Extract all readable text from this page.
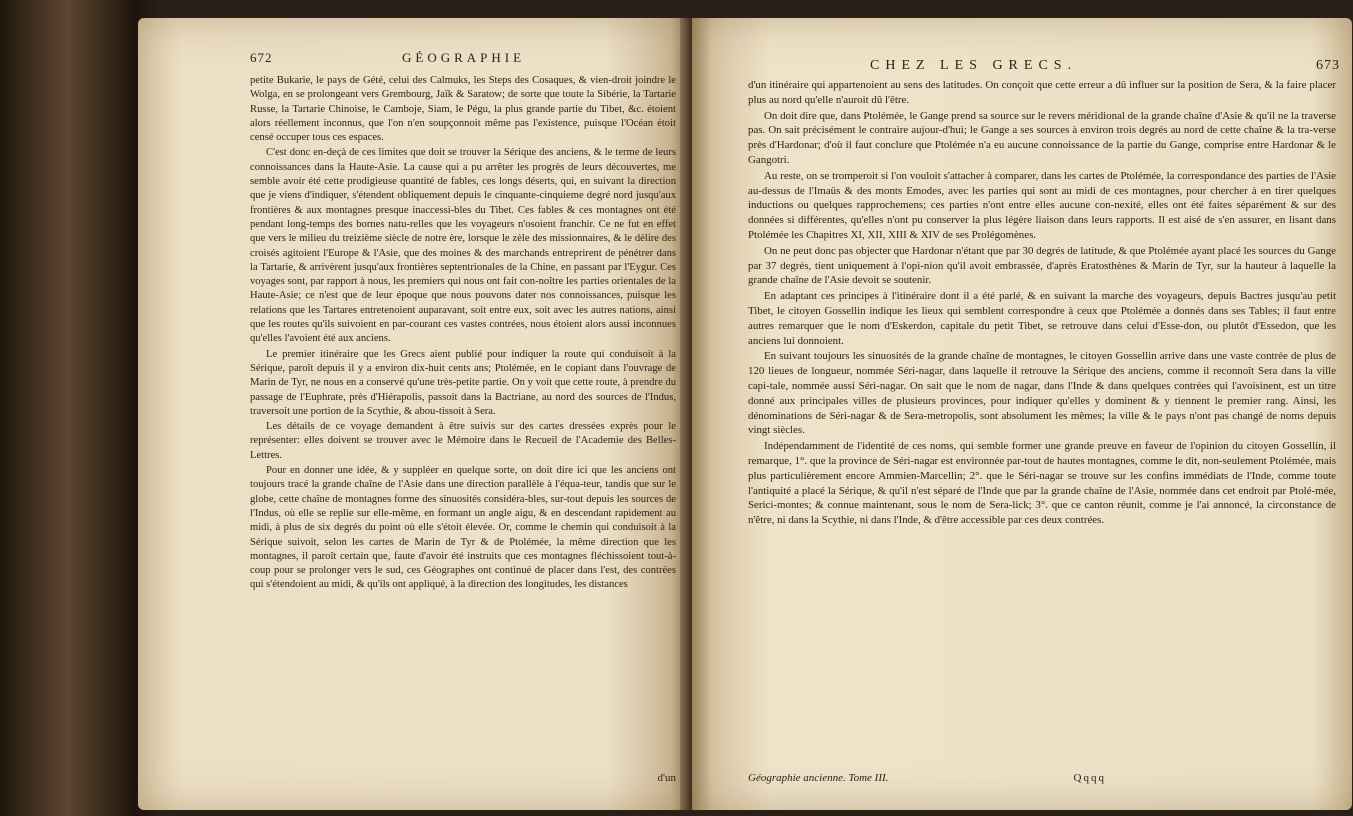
672	GÉOGRAPHIE

petite Bukarie, le pays de Gété, celui des Calmuks, les Steps des Cosaques, & vien-droit joindre le Wolga, en se prolongeant vers Grembourg, Jaïk & Saratow; de sorte que toute la Sibérie, la Tartarie Russe, la Tartarie Chinoise, le Camboje, Siam, le Pégu, la plus grande partie du Tibet, &c. étoient alors réellement inconnus, que l'on n'en soupçonnoit même pas l'existence, puisque l'Océan étoit censé occuper tous ces espaces.

C'est donc en-deçà de ces limites que doit se trouver la Sérique des anciens, & le terme de leurs connoissances dans la Haute-Asie. La cause qui a pu arrêter les progrès de leurs découvertes, me semble avoir été cette prodigieuse quantité de fables, ces longs déserts, qui, en suivant la direction que je viens d'indiquer, s'étendent obliquement depuis le cinquante-cinquieme degré nord jusqu'aux frontières & aux montagnes presque inaccessi-bles du Tibet. Ces fables & ces montagnes ont été pendant long-temps des bornes natu-relles que les voyageurs n'osoient franchir. Ce ne fut en effet que vers le milieu du treizième siècle de notre ère, lorsque le zèle des missionnaires, & le délire des croisés agitoient l'Europe & l'Asie, que des moines & des marchands entreprirent de pénétrer dans la Tartarie, & arrivèrent jusqu'aux frontières septentrionales de la Chine, en passant par l'Eygur. Ces voyages sont, par rapport à nous, les premiers qui nous ont fait con-noître les parties orientales de la Haute-Asie; ce n'est que de leur époque que nous pouvons dater nos connoissances, puisque les relations que les Tartares entretenoient auparavant, soit entre eux, soit avec les autres nations, ainsi que les routes qu'ils suivoient en par-courant ces vastes contrées, nous étoient alors aussi inconnues qu'elles l'avoient été aux anciens.

Le premier itinéraire que les Grecs aient publié pour indiquer la route qui conduisoit à la Sérique, paroît depuis il y a environ dix-huit cents ans; Ptolémée, en le copiant dans l'ouvrage de Marin de Tyr, ne nous en a conservé qu'une très-petite partie. On y voit que cette route, à prendre du passage de l'Euphrate, près d'Hiérapolis, passoit dans la Bactriane, au nord des sources de l'Indus, traversoit une portion de la Scythie, & abou-tissoit à Sera.

Les détails de ce voyage demandent à être suivis sur des cartes dressées exprès pour le représenter: elles doivent se trouver avec le Mémoire dans le Recueil de l'Academie des Belles-Lettres.

Pour en donner une idée, & y suppléer en quelque sorte, on doit dire ici que les anciens ont toujours tracé la grande chaîne de l'Asie dans une direction parallèle à l'équa-teur, tandis que sur le globe, cette chaîne de montagnes forme des sinuosités considéra-bles, sur-tout depuis les sources de l'Indus, où elle se replie sur elle-même, en formant un angle aigu, & en descendant rapidement au midi, à plus de six degrés du point où elle s'étoit élevée. Or, comme le chemin qui conduisoit à la Sérique suivoit, selon les cartes de Marin de Tyr & de Ptolémée, la même direction que les montagnes, il paroît certain que, faute d'avoir été instruits que ces montagnes fléchissoient tout-à-coup pour se prolonger vers le sud, ces Géographes ont continué de placer dans l'est, des contrées qui s'étendoient au midi, & qu'ils ont appliqué, à la direction des longitudes, les distances

d'un
CHEZ LES GRECS.	673

d'un itinéraire qui appartenoient au sens des latitudes. On conçoit que cette erreur a dû influer sur la position de Sera, & la faire placer plus au nord qu'elle n'auroit dû l'être.

On doit dire que, dans Ptolémée, le Gange prend sa source sur le revers méridional de la grande chaîne d'Asie & qu'il ne la traverse pas. On sait précisément le contraire aujour-d'hui; le Gange a ses sources à environ trois degrés au nord de cette chaîne & la tra-verse près d'Hardonar; d'où il faut conclure que Ptolémée n'a eu aucune connoissance de la partie du Gange, comprise entre Hardonar & le Gangotri.

Au reste, on se tromperoit si l'on vouloit s'attacher à comparer, dans les cartes de Ptolémée, la correspondance des parties de l'Asie au-dessus de l'Imaüs & des monts Emodes, avec les parties qui sont au midi de ces montagnes, pour chercher à en tirer quelques inductions ou quelques rapprochemens; ces parties n'ont entre elles aucune con-nexité, elles ont été faites séparément & sur des données si différentes, qu'elles n'ont pu conserver la plus légère liaison dans leurs rapports. Il est aisé de s'en assurer, en lisant dans Ptolémée les Chapitres XI, XII, XIII & XIV de ses Prolégomènes.

On ne peut donc pas objecter que Hardonar n'étant que par 30 degrés de latitude, & que Ptolémée ayant placé les sources du Gange par 37 degrés, tient uniquement à l'opi-nion qu'il avoit embrassée, d'après Eratosthènes & Marin de Tyr, sur la hauteur à laquelle la grande chaîne de l'Asie devoit se soutenir.

En adaptant ces principes à l'itinéraire dont il a été parlé, & en suivant la marche des voyageurs, depuis Bactres jusqu'au petit Tibet, le citoyen Gossellin indique les lieux qui semblent correspondre à ceux que Ptolémée a donnés dans ses Tables; il faut entre autres remarquer que le nom d'Eskerdon, capitale du petit Tibet, se retrouve dans celui d'Esse-don, ou plutôt d'Essedon, que les anciens lui donnoient.

En suivant toujours les sinuosités de la grande chaîne de montagnes, le citoyen Gossellin arrive dans une vaste contrée de plus de 120 lieues de longueur, nommée Séri-nagar, dans laquelle il retrouve la Sérique des anciens, comme il reconnoît Sera dans la ville capi-tale, nommée aussi Séri-nagar. On sait que le nom de nagar, dans l'Inde & dans quelques contrées qui l'avoisinent, est un titre donné aux principales villes de plusieurs provinces, pour indiquer qu'elles y dominent & y tiennent le premier rang. Ainsi, les dénominations de Séri-nagar & de Sera-metropolis, sont absolument les mêmes; la ville & le pays n'ont pas changé de noms depuis vingt siècles.

Indépendamment de l'identité de ces noms, qui semble former une grande preuve en faveur de l'opinion du citoyen Gossellin, il remarque, 1°. que la province de Séri-nagar est environnée par-tout de hautes montagnes, comme le dit, non-seulement Ptolémée, mais plus particulièrement encore Ammien-Marcellin; 2°. que le Séri-nagar se trouve sur les confins immédiats de l'Inde, comme toute l'antiquité a placé la Sérique, & qu'il n'est séparé de l'Inde que par la grande chaîne de l'Asie, nommée dans cet endroit par Ptolé-mée, Serici-montes; & connue maintenant, sous le nom de Sera-lick; 3°. que ce canton réunit, comme je l'ai annoncé, la circonstance de n'être, ni dans la Scythie, ni dans l'Inde, & d'être accessible par ces deux contrées.

Géographie ancienne. Tome III.	Qqqq
